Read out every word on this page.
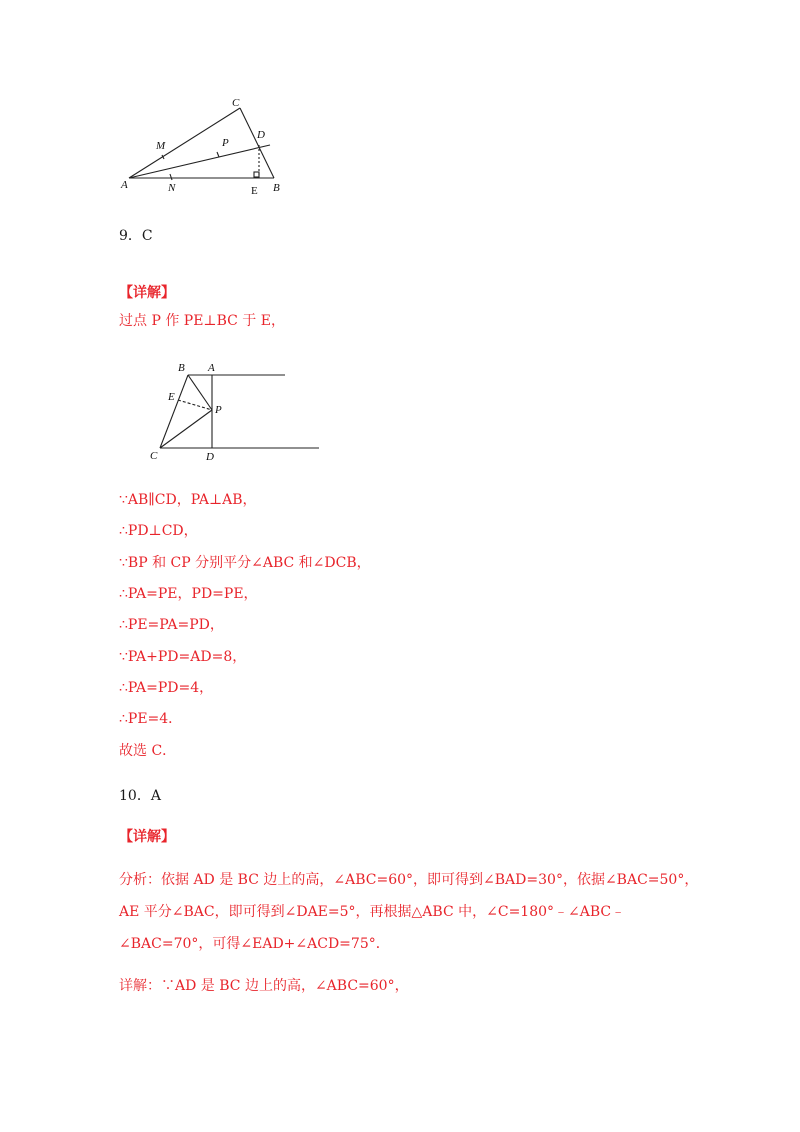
C
M	P
D
A	N	E B
9．C
【详解】
过点 P 作 PE⊥BC 于 E，
B A
E
P
C	D
∵AB∥CD，PA⊥AB，
∴PD⊥CD，
∵BP 和 CP 分别平分∠ABC 和∠DCB，
∴PA=PE，PD=PE，
∴PE=PA=PD，
∵PA+PD=AD=8，
∴PA=PD=4，
∴PE=4．
故选 C．
10．A
【详解】
分析：依据 AD 是 BC 边上的高，∠ABC=60°，即可得到∠BAD=30°，依据∠BAC=50°，
AE 平分∠BAC，即可得到∠DAE=5°，再根据△ABC 中，∠C=180°﹣∠ABC﹣
∠BAC=70°，可得∠EAD+∠ACD=75°．
详解：∵AD 是 BC 边上的高，∠ABC=60°，
